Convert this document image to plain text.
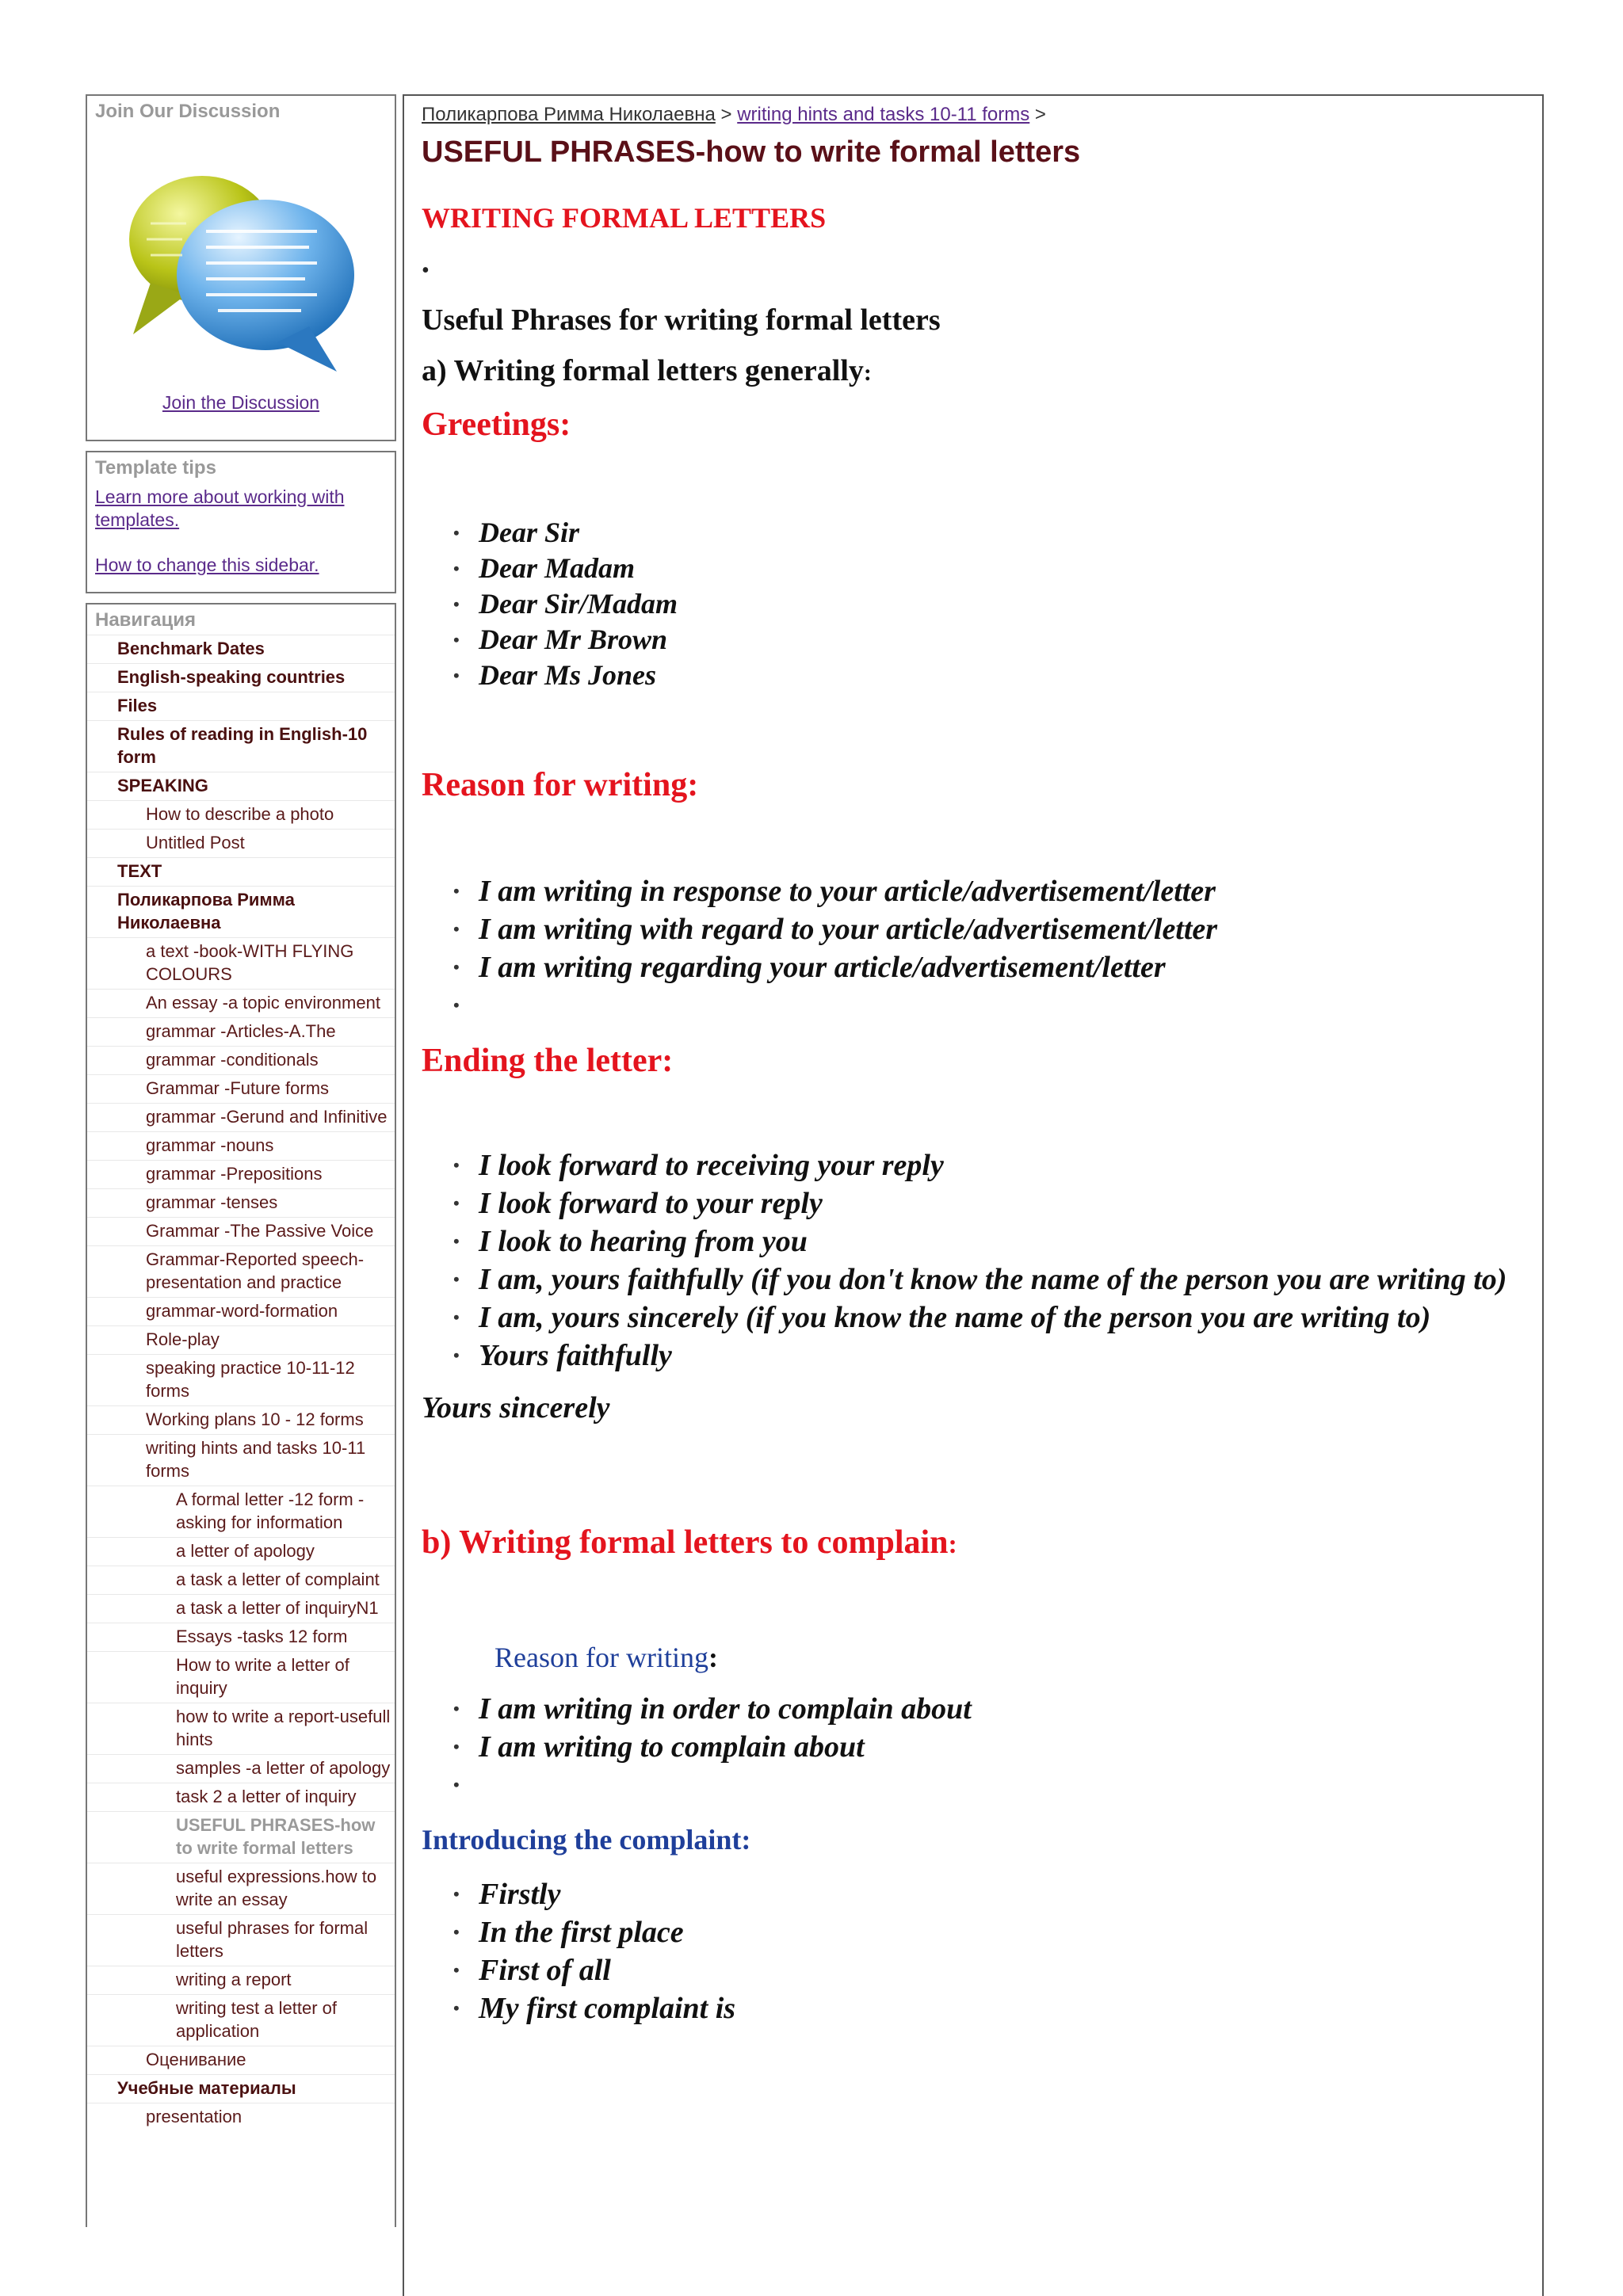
Join Our Discussion
Join the Discussion
Template tips
Learn more about working with templates.
How to change this sidebar.
Навигация
Benchmark Dates
English-speaking countries
Files
Rules of reading in English-10 form
SPEAKING
How to describe a photo
Untitled Post
TEXT
Поликарпова Римма Николаевна
a text -book-WITH FLYING COLOURS
An essay -a topic environment
grammar -Articles-A.The
grammar -conditionals
Grammar -Future forms
grammar -Gerund and Infinitive
grammar -nouns
grammar -Prepositions
grammar -tenses
Grammar -The Passive Voice
Grammar-Reported speech-presentation and practice
grammar-word-formation
Role-play
speaking practice 10-11-12 forms
Working plans 10 - 12 forms
writing hints and tasks 10-11 forms
A formal letter -12 form - asking for information
a letter of apology
a task a letter of complaint
a task a letter of inquiryN1
Essays -tasks 12 form
How to write a letter of inquiry
how to write a report-usefull hints
samples -a letter of apology
task 2 a letter of inquiry
USEFUL PHRASES-how to write formal letters
useful expressions.how to write an essay
useful phrases for formal letters
writing a report
writing test a letter of application
Оценивание
Учебные материалы
presentation
Поликарпова Римма Николаевна > writing hints and tasks 10-11 forms >
USEFUL PHRASES-how to write formal letters
WRITING FORMAL LETTERS
•
Useful Phrases for writing formal letters
a) Writing formal letters generally:
Greetings:
• Dear Sir
• Dear Madam
• Dear Sir/Madam
• Dear Mr Brown
• Dear Ms Jones
Reason for writing:
• I am writing in response to your article/advertisement/letter
• I am writing with regard to your article/advertisement/letter
• I am writing regarding your article/advertisement/letter
•
Ending the letter:
• I look forward to receiving your reply
• I look forward to your reply
• I look to hearing from you
• I am, yours faithfully (if you don't know the name of the person you are writing to)
• I am, yours sincerely (if you know the name of the person you are writing to)
• Yours faithfully
Yours sincerely
b) Writing formal letters to complain:
Reason for writing:
• I am writing in order to complain about
• I am writing to complain about
•
Introducing the complaint:
• Firstly
• In the first place
• First of all
• My first complaint is
